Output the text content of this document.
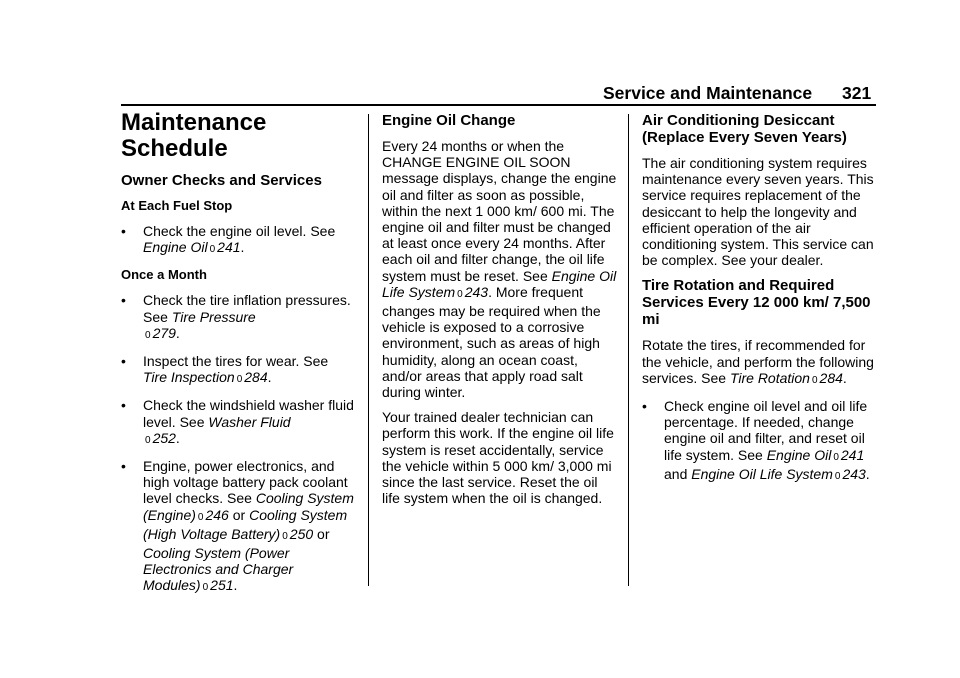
Service and Maintenance 321
Maintenance
Schedule
Owner Checks and Services
At Each Fuel Stop
•	Check the engine oil level. See Engine Oil 0 241.
Once a Month
•	Check the tire inflation pressures. See Tire Pressure
0 279.
•	Inspect the tires for wear. See Tire Inspection 0 284.
•	Check the windshield washer fluid level. See Washer Fluid
0 252.
•	Engine, power electronics, and high voltage battery pack coolant level checks. See Cooling System (Engine) 0 246 or Cooling System (High Voltage Battery) 0 250 or Cooling System (Power Electronics and Charger Modules) 0 251.
Engine Oil Change

Every 24 months or when the CHANGE ENGINE OIL SOON message displays, change the engine oil and filter as soon as possible, within the next 1 000 km/ 600 mi. The engine oil and filter must be changed at least once every 24 months. After each oil and filter change, the oil life system must be reset. See Engine Oil Life System 0 243. More frequent changes may be required when the vehicle is exposed to a corrosive environment, such as areas of high humidity, along an ocean coast, and/or areas that apply road salt during winter.

Your trained dealer technician can perform this work. If the engine oil life system is reset accidentally, service the vehicle within 5 000 km/ 3,000 mi since the last service. Reset the oil life system when the oil is changed.

Air Conditioning Desiccant (Replace Every Seven Years)

The air conditioning system requires maintenance every seven years. This service requires replacement of the desiccant to help the longevity and efficient operation of the air conditioning system. This service can be complex. See your dealer.

Tire Rotation and Required Services Every 12 000 km/ 7,500 mi

Rotate the tires, if recommended for the vehicle, and perform the following services. See Tire Rotation 0 284.

•	Check engine oil level and oil life percentage. If needed, change engine oil and filter, and reset oil life system. See Engine Oil 0 241 and Engine Oil Life System 0 243.
